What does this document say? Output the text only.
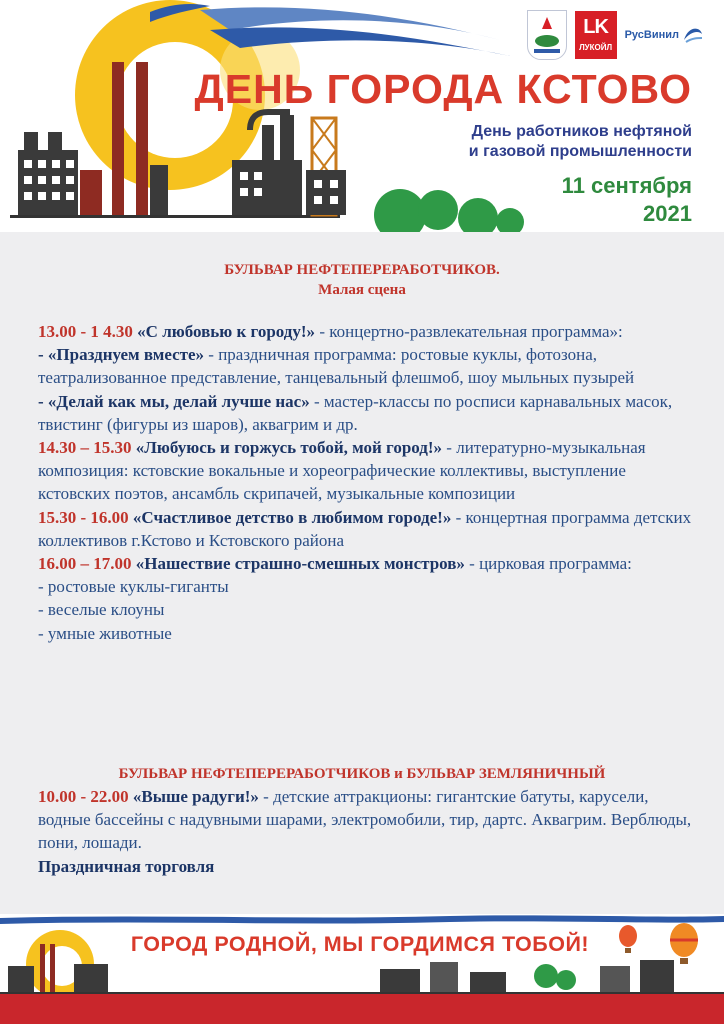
LK
ЛУКОЙЛ
РусВинил
ДЕНЬ ГОРОДА КСТОВО
День работников нефтяной
и газовой промышленности
11 сентября
2021

БУЛЬВАР НЕФТЕПЕРЕРАБОТЧИКОВ.

Малая сцена

13.00 - 1 4.30 «С любовью к городу!» - концертно-развлекательная программа»:

- «Празднуем вместе» - праздничная программа: ростовые куклы, фотозона, театрализованное представление, танцевальный флешмоб, шоу мыльных пузырей

- «Делай как мы, делай лучше нас» - мастер-классы по росписи карнавальных масок, твистинг (фигуры из шаров), аквагрим и др.

14.30 – 15.30 «Любуюсь и горжусь тобой, мой город!» - литературно-музыкальная композиция: кстовские вокальные и хореографические коллективы, выступление кстовских поэтов, ансамбль скрипачей, музыкальные композиции

15.30 - 16.00 «Счастливое детство в любимом городе!» - концертная программа детских коллективов г.Кстово и Кстовского района

16.00 – 17.00 «Нашествие страшно-смешных монстров» - цирковая программа:

- ростовые куклы-гиганты

- веселые клоуны

- умные животные

БУЛЬВАР НЕФТЕПЕРЕРАБОТЧИКОВ и БУЛЬВАР ЗЕМЛЯНИЧНЫЙ

10.00 - 22.00 «Выше радуги!» - детские аттракционы: гигантские батуты, карусели, водные бассейны с надувными шарами, электромобили, тир, дартс. Аквагрим. Верблюды, пони, лошади.

Праздничная торговля

ГОРОД РОДНОЙ, МЫ ГОРДИМСЯ ТОБОЙ!
